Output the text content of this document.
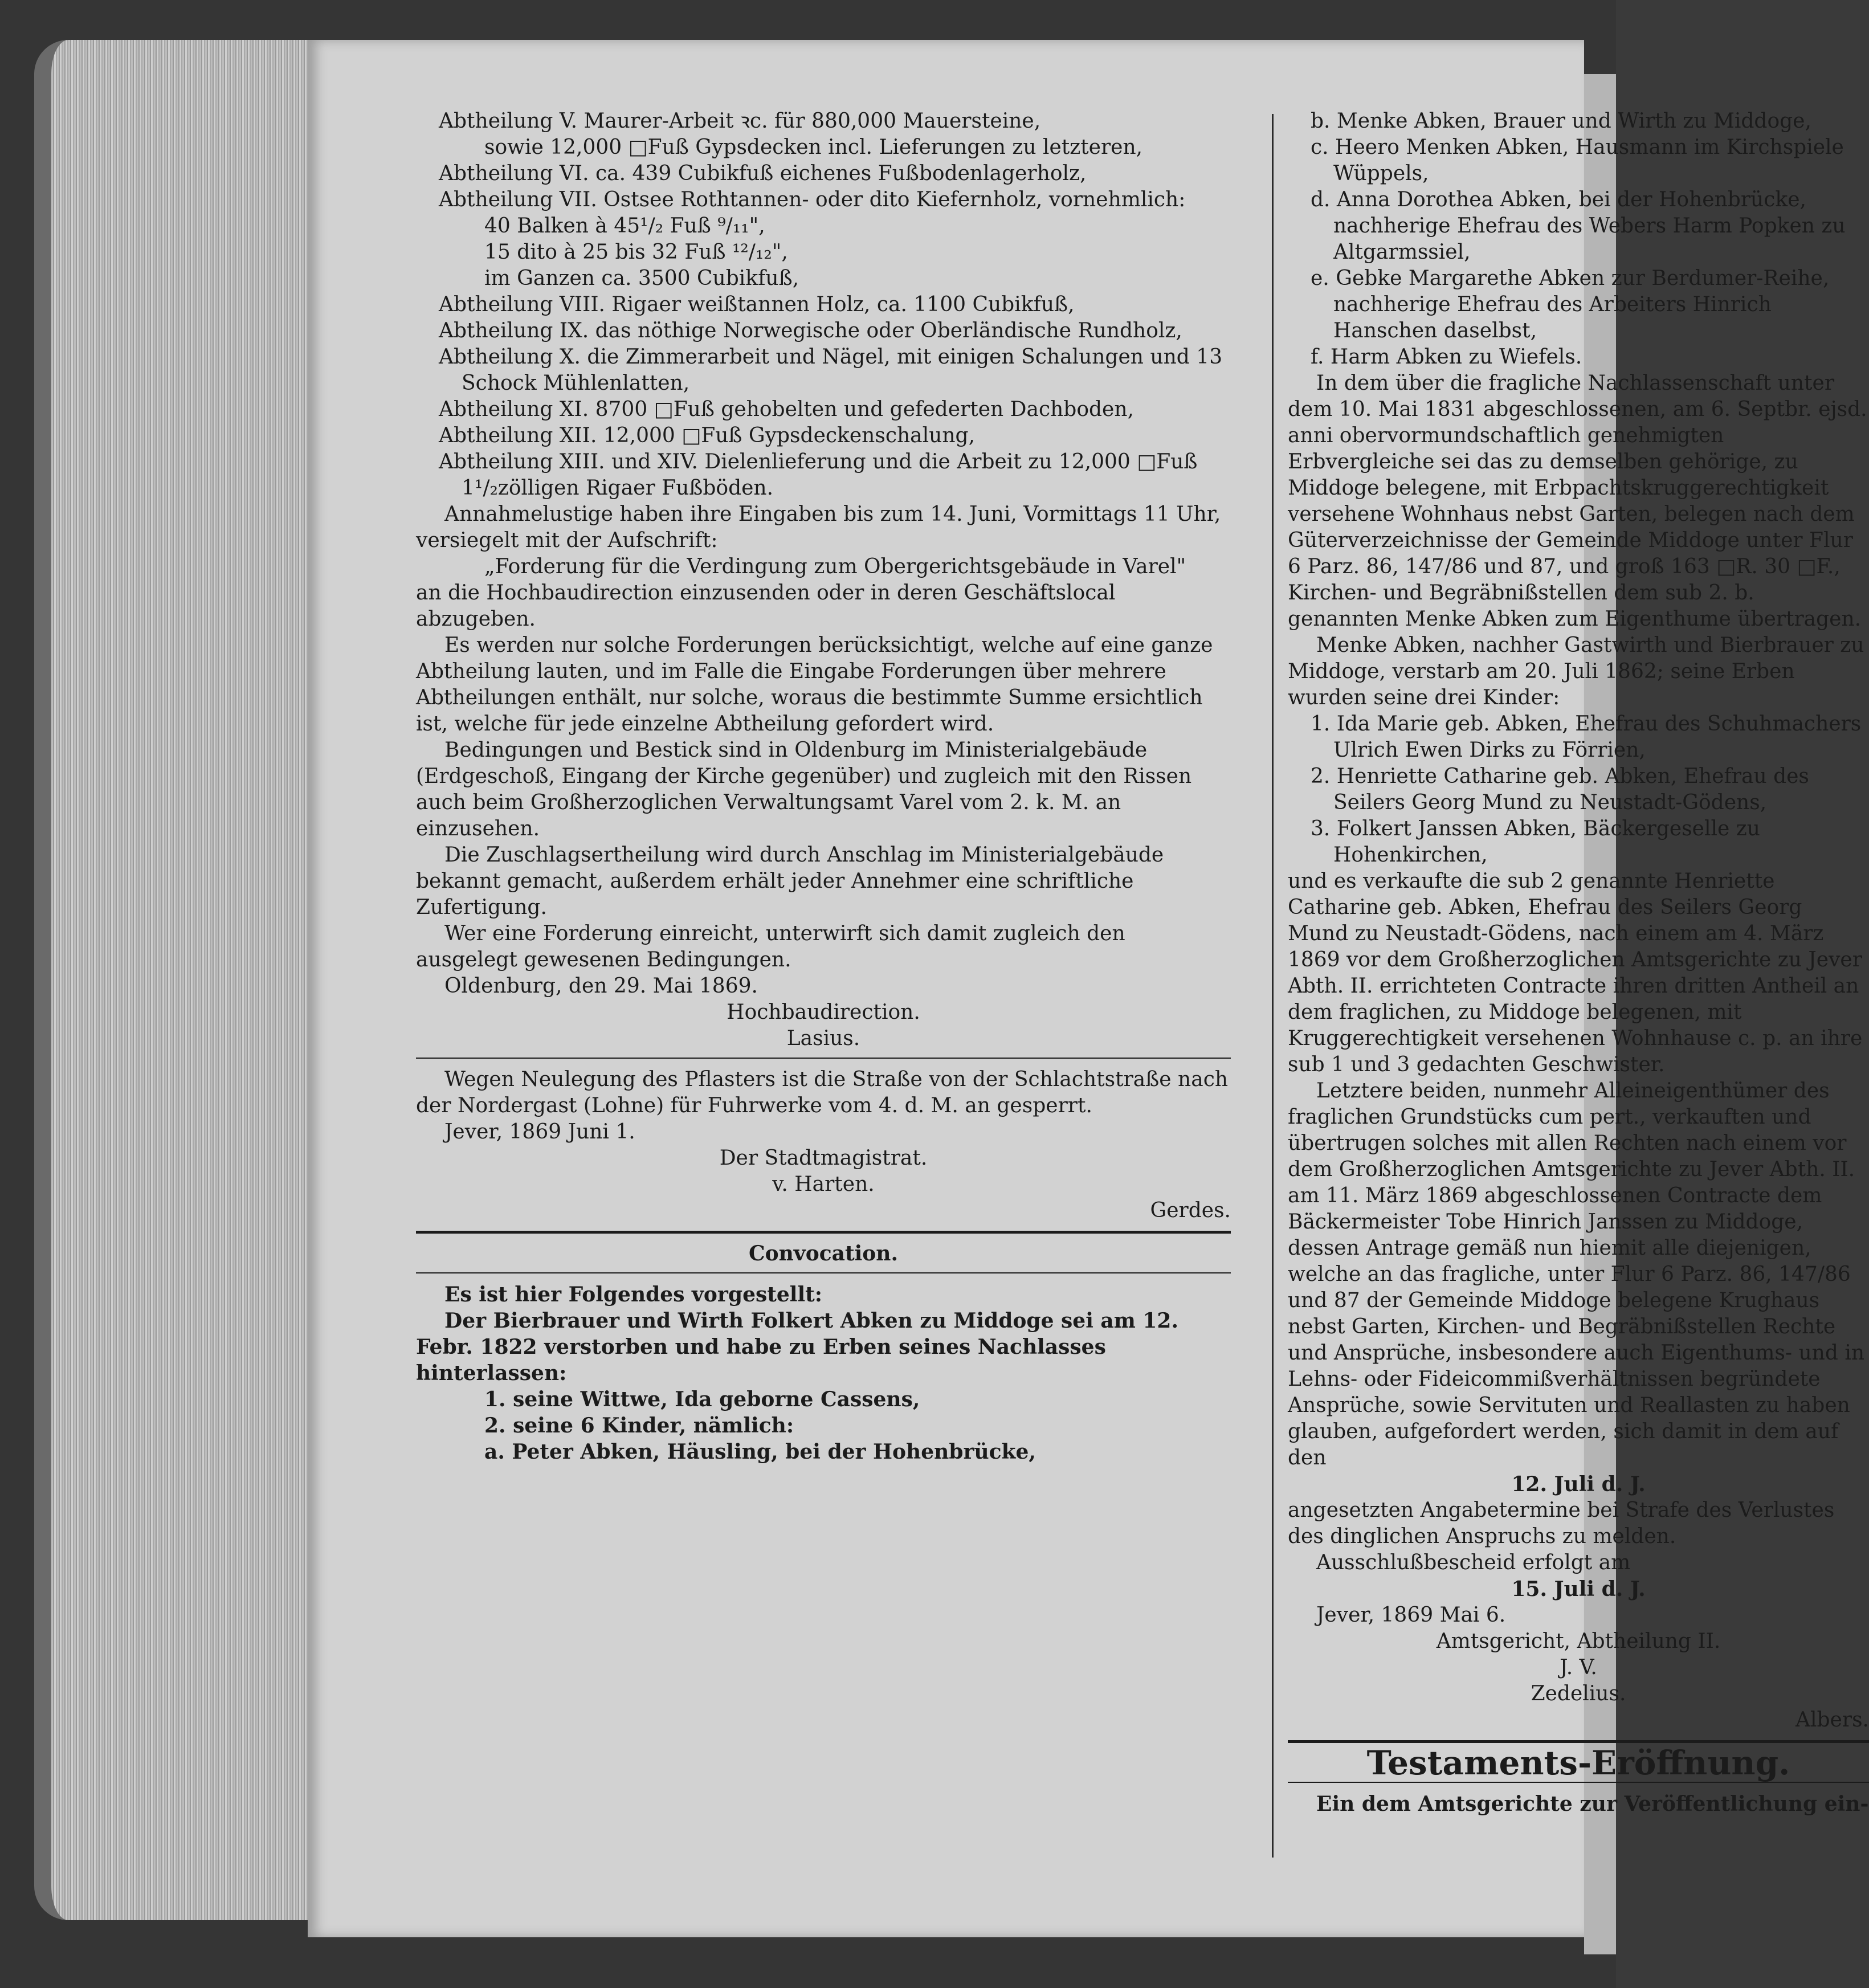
Abtheilung V. Maurer-Arbeit ꝛc. für 880,000 Mauersteine,

sowie 12,000 □Fuß Gypsdecken incl. Lieferungen zu letzteren,

Abtheilung VI. ca. 439 Cubikfuß eichenes Fußbodenlagerholz,

Abtheilung VII. Ostsee Rothtannen- oder dito Kiefernholz, vornehmlich:

40 Balken à 45¹/₂ Fuß ⁹/₁₁",

15 dito à 25 bis 32 Fuß ¹²/₁₂",

im Ganzen ca. 3500 Cubikfuß,

Abtheilung VIII. Rigaer weißtannen Holz, ca. 1100 Cubikfuß,

Abtheilung IX. das nöthige Norwegische oder Oberländische Rundholz,

Abtheilung X. die Zimmerarbeit und Nägel, mit einigen Schalungen und 13 Schock Mühlenlatten,

Abtheilung XI. 8700 □Fuß gehobelten und gefederten Dachboden,

Abtheilung XII. 12,000 □Fuß Gypsdeckenschalung,

Abtheilung XIII. und XIV. Dielenlieferung und die Arbeit zu 12,000 □Fuß 1¹/₂zölligen Rigaer Fußböden.

Annahmelustige haben ihre Eingaben bis zum 14. Juni, Vormittags 11 Uhr, versiegelt mit der Aufschrift:

„Forderung für die Verdingung zum Obergerichtsgebäude in Varel"

an die Hochbaudirection einzusenden oder in deren Geschäftslocal abzugeben.

Es werden nur solche Forderungen berücksichtigt, welche auf eine ganze Abtheilung lauten, und im Falle die Eingabe Forderungen über mehrere Abtheilungen enthält, nur solche, woraus die bestimmte Summe ersichtlich ist, welche für jede einzelne Abtheilung gefordert wird.

Bedingungen und Bestick sind in Oldenburg im Ministerialgebäude (Erdgeschoß, Eingang der Kirche gegenüber) und zugleich mit den Rissen auch beim Großherzoglichen Verwaltungsamt Varel vom 2. k. M. an einzusehen.

Die Zuschlagsertheilung wird durch Anschlag im Ministerialgebäude bekannt gemacht, außerdem erhält jeder Annehmer eine schriftliche Zufertigung.

Wer eine Forderung einreicht, unterwirft sich damit zugleich den ausgelegt gewesenen Bedingungen.

Oldenburg, den 29. Mai 1869.

Hochbaudirection.

Lasius.

Wegen Neulegung des Pflasters ist die Straße von der Schlachtstraße nach der Nordergast (Lohne) für Fuhrwerke vom 4. d. M. an gesperrt.

Jever, 1869 Juni 1.

Der Stadtmagistrat.

v. Harten.

Gerdes.

Convocation.

Es ist hier Folgendes vorgestellt:

Der Bierbrauer und Wirth Folkert Abken zu Middoge sei am 12. Febr. 1822 verstorben und habe zu Erben seines Nachlasses hinterlassen:

1. seine Wittwe, Ida geborne Cassens,

2. seine 6 Kinder, nämlich:

a. Peter Abken, Häusling, bei der Hohenbrücke,

b. Menke Abken, Brauer und Wirth zu Middoge,

c. Heero Menken Abken, Hausmann im Kirchspiele Wüppels,

d. Anna Dorothea Abken, bei der Hohenbrücke, nachherige Ehefrau des Webers Harm Popken zu Altgarmssiel,

e. Gebke Margarethe Abken zur Berdumer-Reihe, nachherige Ehefrau des Arbeiters Hinrich Hanschen daselbst,

f. Harm Abken zu Wiefels.

In dem über die fragliche Nachlassenschaft unter dem 10. Mai 1831 abgeschlossenen, am 6. Septbr. ejsd. anni obervormundschaftlich genehmigten Erbvergleiche sei das zu demselben gehörige, zu Middoge belegene, mit Erbpachtskruggerechtigkeit versehene Wohnhaus nebst Garten, belegen nach dem Güterverzeichnisse der Gemeinde Middoge unter Flur 6 Parz. 86, 147/86 und 87, und groß 163 □R. 30 □F., Kirchen- und Begräbnißstellen dem sub 2. b. genannten Menke Abken zum Eigenthume übertragen.

Menke Abken, nachher Gastwirth und Bierbrauer zu Middoge, verstarb am 20. Juli 1862; seine Erben wurden seine drei Kinder:

1. Ida Marie geb. Abken, Ehefrau des Schuhmachers Ulrich Ewen Dirks zu Förrien,

2. Henriette Catharine geb. Abken, Ehefrau des Seilers Georg Mund zu Neustadt-Gödens,

3. Folkert Janssen Abken, Bäckergeselle zu Hohenkirchen,

und es verkaufte die sub 2 genannte Henriette Catharine geb. Abken, Ehefrau des Seilers Georg Mund zu Neustadt-Gödens, nach einem am 4. März 1869 vor dem Großherzoglichen Amtsgerichte zu Jever Abth. II. errichteten Contracte ihren dritten Antheil an dem fraglichen, zu Middoge belegenen, mit Kruggerechtigkeit versehenen Wohnhause c. p. an ihre sub 1 und 3 gedachten Geschwister.

Letztere beiden, nunmehr Alleineigenthümer des fraglichen Grundstücks cum pert., verkauften und übertrugen solches mit allen Rechten nach einem vor dem Großherzoglichen Amtsgerichte zu Jever Abth. II. am 11. März 1869 abgeschlossenen Contracte dem Bäckermeister Tobe Hinrich Janssen zu Middoge, dessen Antrage gemäß nun hiemit alle diejenigen, welche an das fragliche, unter Flur 6 Parz. 86, 147/86 und 87 der Gemeinde Middoge belegene Krughaus nebst Garten, Kirchen- und Begräbnißstellen Rechte und Ansprüche, insbesondere auch Eigenthums- und in Lehns- oder Fideicommißverhältnissen begründete Ansprüche, sowie Servituten und Reallasten zu haben glauben, aufgefordert werden, sich damit in dem auf den

12. Juli d. J.

angesetzten Angabetermine bei Strafe des Verlustes des dinglichen Anspruchs zu melden.

Ausschlußbescheid erfolgt am

15. Juli d. J.

Jever, 1869 Mai 6.

Amtsgericht, Abtheilung II.

J. V.

Zedelius.

Albers.

Testaments-Eröffnung.

Ein dem Amtsgerichte zur Veröffentlichung ein-
